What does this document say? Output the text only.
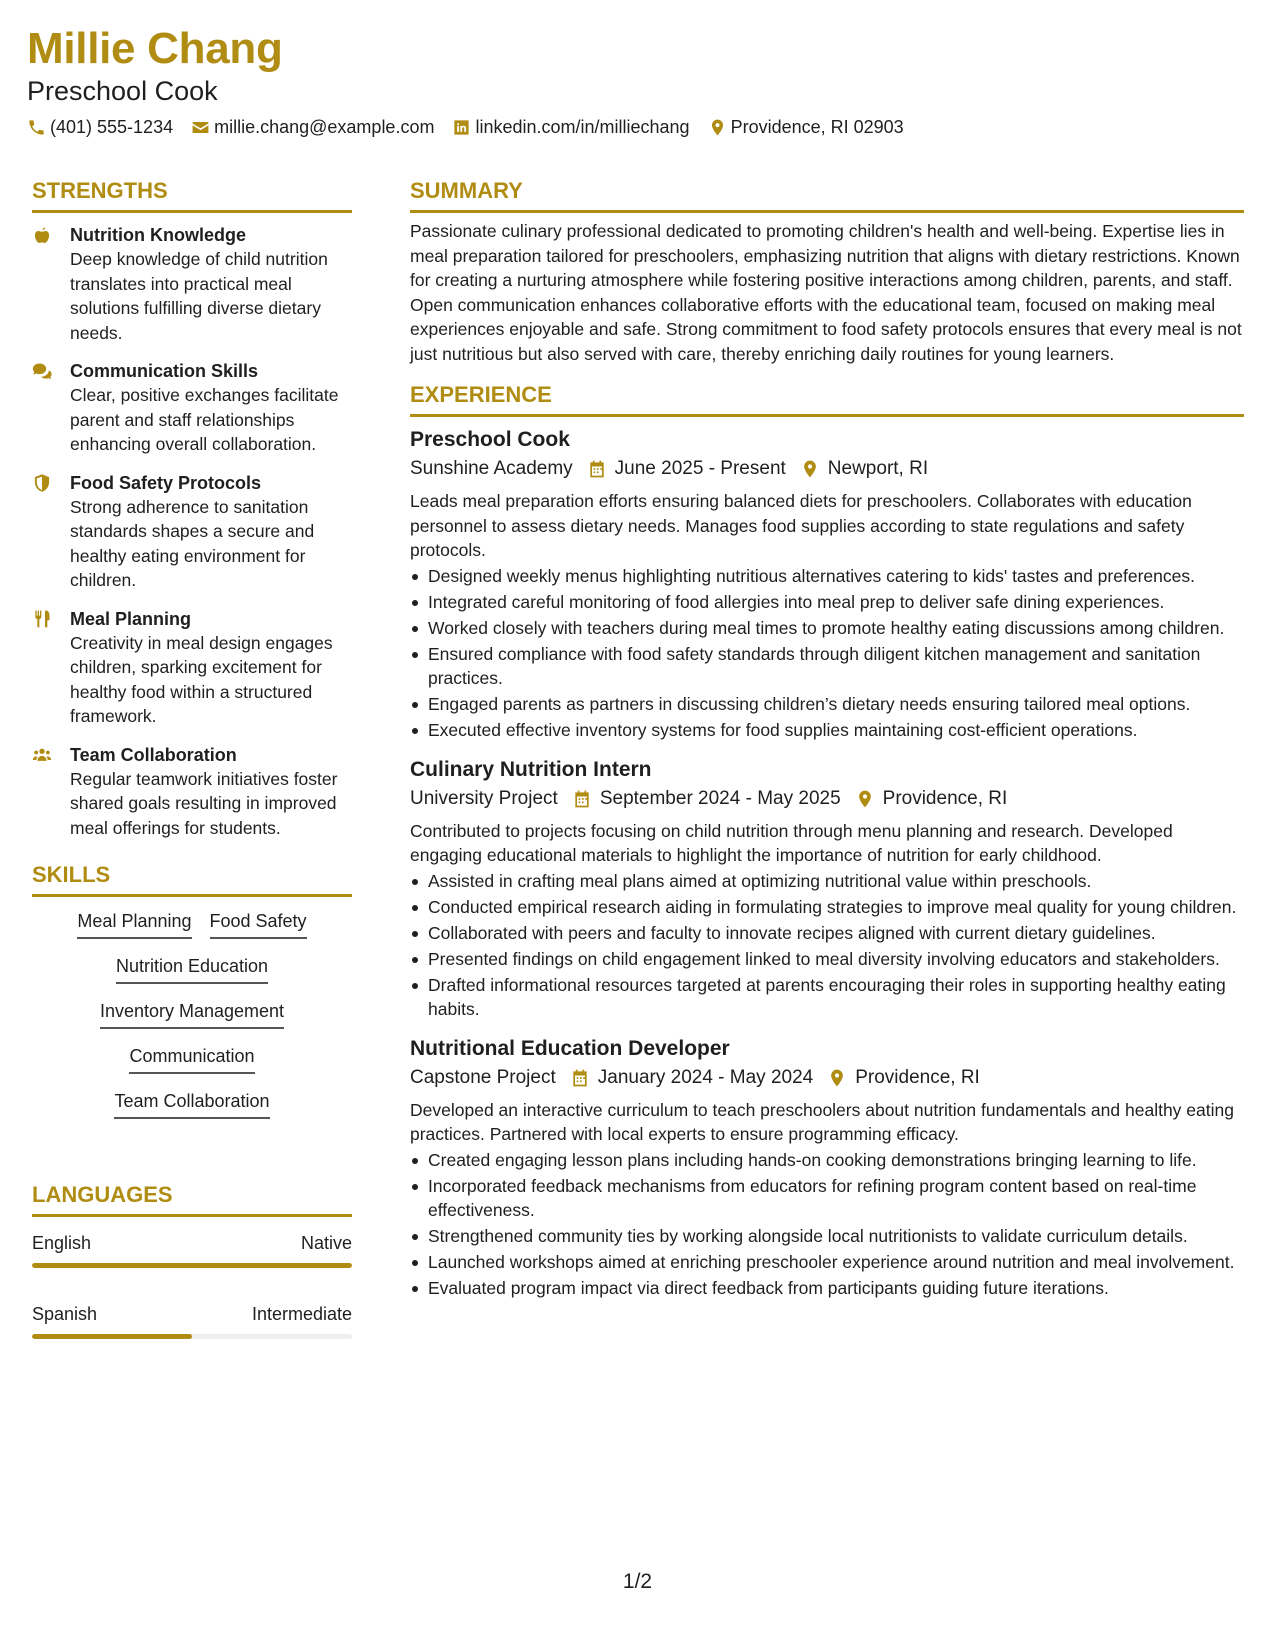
Millie Chang
Preschool Cook
(401) 555-1234 millie.chang@example.com linkedin.com/in/milliechang Providence, RI 02903
STRENGTHS
Nutrition Knowledge
Deep knowledge of child nutrition translates into practical meal solutions fulfilling diverse dietary needs.
Communication Skills
Clear, positive exchanges facilitate parent and staff relationships enhancing overall collaboration.
Food Safety Protocols
Strong adherence to sanitation standards shapes a secure and healthy eating environment for children.
Meal Planning
Creativity in meal design engages children, sparking excitement for healthy food within a structured framework.
Team Collaboration
Regular teamwork initiatives foster shared goals resulting in improved meal offerings for students.
SKILLS
Meal Planning Food Safety
Nutrition Education
Inventory Management
Communication
Team Collaboration
LANGUAGES
English	Native
Spanish	Intermediate
SUMMARY
Passionate culinary professional dedicated to promoting children's health and well-being. Expertise lies in meal preparation tailored for preschoolers, emphasizing nutrition that aligns with dietary restrictions. Known for creating a nurturing atmosphere while fostering positive interactions among children, parents, and staff. Open communication enhances collaborative efforts with the educational team, focused on making meal experiences enjoyable and safe. Strong commitment to food safety protocols ensures that every meal is not just nutritious but also served with care, thereby enriching daily routines for young learners.
EXPERIENCE
Preschool Cook
Sunshine Academy June 2025 - Present Newport, RI
Leads meal preparation efforts ensuring balanced diets for preschoolers. Collaborates with education personnel to assess dietary needs. Manages food supplies according to state regulations and safety protocols.
Designed weekly menus highlighting nutritious alternatives catering to kids' tastes and preferences.
Integrated careful monitoring of food allergies into meal prep to deliver safe dining experiences.
Worked closely with teachers during meal times to promote healthy eating discussions among children.
Ensured compliance with food safety standards through diligent kitchen management and sanitation practices.
Engaged parents as partners in discussing children’s dietary needs ensuring tailored meal options.
Executed effective inventory systems for food supplies maintaining cost-efficient operations.
Culinary Nutrition Intern
University Project September 2024 - May 2025 Providence, RI
Contributed to projects focusing on child nutrition through menu planning and research. Developed engaging educational materials to highlight the importance of nutrition for early childhood.
Assisted in crafting meal plans aimed at optimizing nutritional value within preschools.
Conducted empirical research aiding in formulating strategies to improve meal quality for young children.
Collaborated with peers and faculty to innovate recipes aligned with current dietary guidelines.
Presented findings on child engagement linked to meal diversity involving educators and stakeholders.
Drafted informational resources targeted at parents encouraging their roles in supporting healthy eating habits.
Nutritional Education Developer
Capstone Project January 2024 - May 2024 Providence, RI
Developed an interactive curriculum to teach preschoolers about nutrition fundamentals and healthy eating practices. Partnered with local experts to ensure programming efficacy.
Created engaging lesson plans including hands-on cooking demonstrations bringing learning to life.
Incorporated feedback mechanisms from educators for refining program content based on real-time effectiveness.
Strengthened community ties by working alongside local nutritionists to validate curriculum details.
Launched workshops aimed at enriching preschooler experience around nutrition and meal involvement.
Evaluated program impact via direct feedback from participants guiding future iterations.
1/2
